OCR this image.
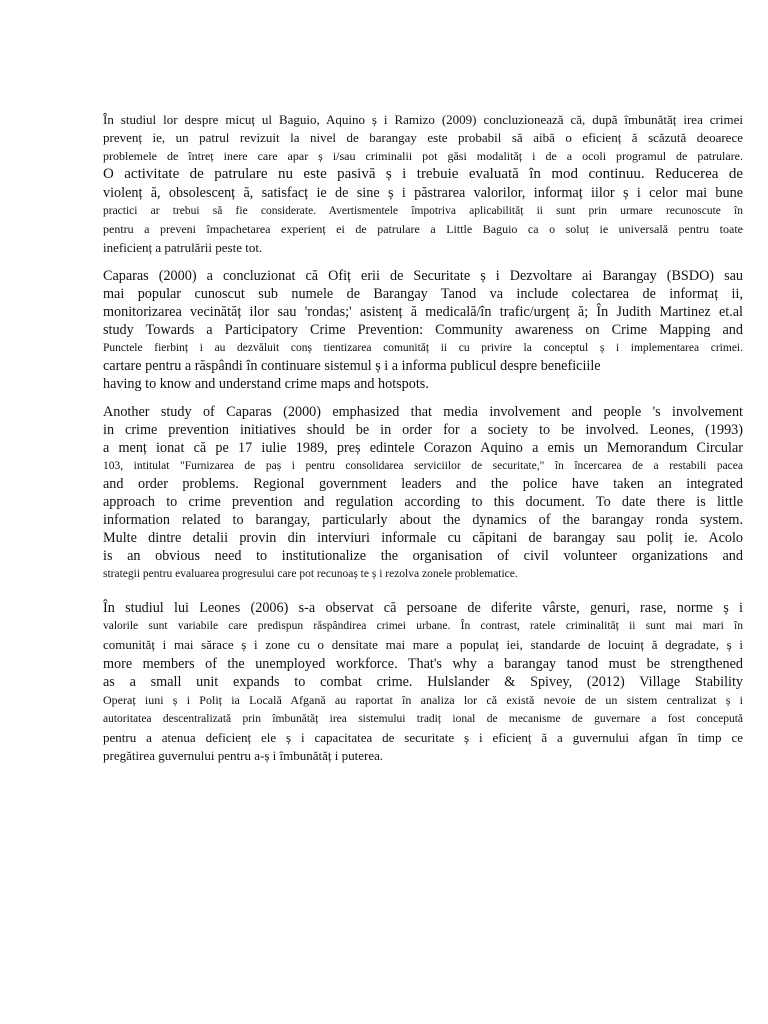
În studiul lor despre micuț ul Baguio, Aquino ș i Ramizo (2009) concluzionează că, după îmbunătăț irea crimei
prevenț ie, un patrul revizuit la nivel de barangay este probabil să aibă o eficienț ă scăzută deoarece
problemele de întreț inere care apar ș i/sau criminalii pot găsi modalităț i de a ocoli programul de patrulare.
O activitate de patrulare nu este pasivă ș i trebuie evaluată în mod continuu. Reducerea de
violenț ă, obsolescenț ă, satisfacț ie de sine ș i păstrarea valorilor, informaț iilor ș i celor mai bune
practici ar trebui să fie considerate. Avertismentele împotriva aplicabilităț ii sunt prin urmare recunoscute în
pentru a preveni împachetarea experienț ei de patrulare a Little Baguio ca o soluț ie universală pentru toate
ineficienț a patrulării peste tot.
Caparas (2000) a concluzionat că Ofiț erii de Securitate ș i Dezvoltare ai Barangay (BSDO) sau
mai popular cunoscut sub numele de Barangay Tanod va include colectarea de informaț ii,
monitorizarea vecinătăț ilor sau 'rondas;' asistenț ă medicală/în trafic/urgenț ă; În Judith Martinez et.al
study Towards a Participatory Crime Prevention: Community awareness on Crime Mapping and
Punctele fierbinț i au dezvăluit conș tientizarea comunităț ii cu privire la conceptul ș i implementarea crimei.
cartare pentru a răspândi în continuare sistemul ș i a informa publicul despre beneficiile
having to know and understand crime maps and hotspots.
Another study of Caparas (2000) emphasized that media involvement and people 's involvement
in crime prevention initiatives should be in order for a society to be involved. Leones, (1993)
a menț ionat că pe 17 iulie 1989, preș edintele Corazon Aquino a emis un Memorandum Circular
103, intitulat "Furnizarea de paș i pentru consolidarea serviciilor de securitate," în încercarea de a restabili pacea
and order problems. Regional government leaders and the police have taken an integrated
approach to crime prevention and regulation according to this document. To date there is little
information related to barangay, particularly about the dynamics of the barangay ronda system.
Multe dintre detalii provin din interviuri informale cu căpitani de barangay sau poliț ie. Acolo
is an obvious need to institutionalize the organisation of civil volunteer organizations and
strategii pentru evaluarea progresului care pot recunoaș te ș i rezolva zonele problematice.
În studiul lui Leones (2006) s-a observat că persoane de diferite vârste, genuri, rase, norme ș i
valorile sunt variabile care predispun răspândirea crimei urbane. În contrast, ratele criminalităț ii sunt mai mari în
comunităț i mai sărace ș i zone cu o densitate mai mare a populaț iei, standarde de locuinț ă degradate, ș i
more members of the unemployed workforce. That's why a barangay tanod must be strengthened
as a small unit expands to combat crime. Hulslander & Spivey, (2012) Village Stability
Operaț iuni ș i Poliț ia Locală Afgană au raportat în analiza lor că există nevoie de un sistem centralizat ș i
autoritatea descentralizată prin îmbunătăț irea sistemului tradiț ional de mecanisme de guvernare a fost concepută
pentru a atenua deficienț ele ș i capacitatea de securitate ș i eficienț ă a guvernului afgan în timp ce
pregătirea guvernului pentru a-ș i îmbunătăț i puterea.
